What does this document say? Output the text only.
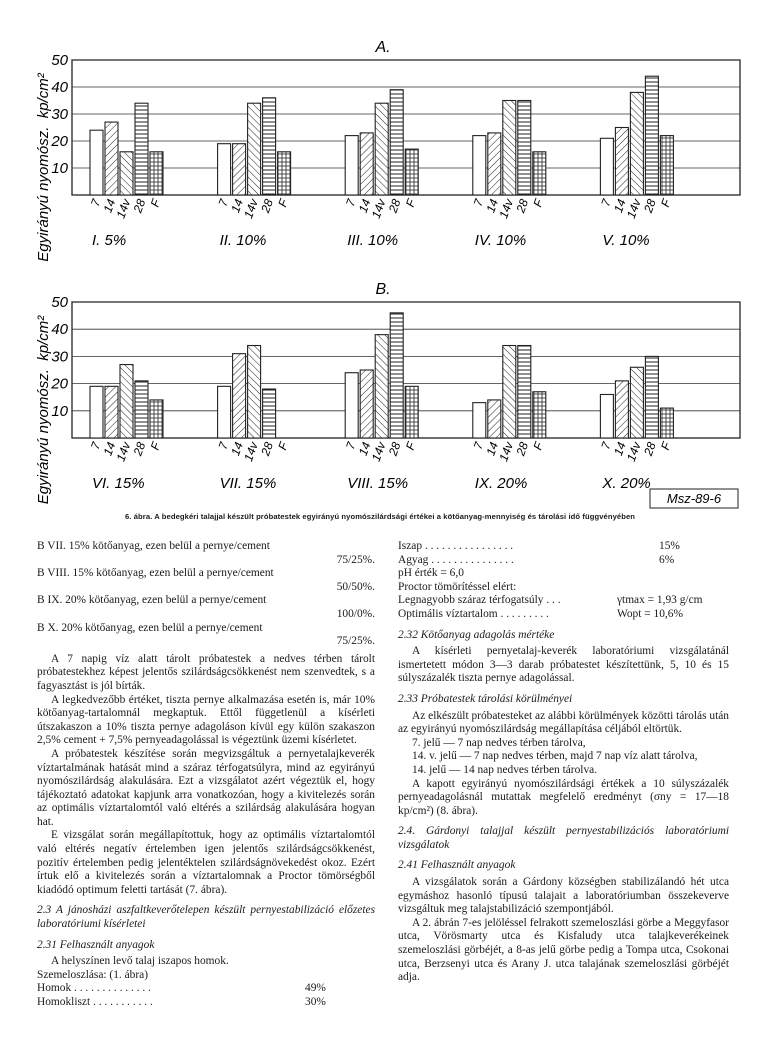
10
20
30
40
50
A.
Egyirányú nyomósz.  kp/cm²	7
14
14v
28 F
I. 5%
7
14
14v
28 F
II. 10%
7
14
14v
28 F
III. 10%
7
14
14v
28 F
IV. 10%
7
14
14v
28 F
V. 10%
10
20
30
40
50
B.
Egyirányú nyomósz.  kp/cm²	7
14
14v
28 F
VI. 15%
7
14
14v
28 F
VII. 15%
7
14
14v
28 F
VIII. 15%
7
14
14v
28 F
IX. 20%
7
14
14v
28 F
X. 20%
Msz-89-6
6. ábra. A bedegkéri talajjal készült próbatestek egyirányú nyomószilárdsági értékei a kötőanyag-mennyiség és tárolási idő függvényében

B VII. 15% kötőanyag, ezen belül a pernye/cement

75/25%.

B VIII. 15% kötőanyag, ezen belül a pernye/cement

50/50%.

B IX. 20% kötőanyag, ezen belül a pernye/cement

100/0%.

B X. 20% kötőanyag, ezen belül a pernye/cement

75/25%.

A 7 napig víz alatt tárolt próbatestek a nedves térben tárolt próbatestekhez képest jelentős szilárdságcsökkenést nem szenvedtek, s a fagyasztást is jól bírták.

A legkedvezőbb értéket, tiszta pernye alkalmazása esetén is, már 10% kötőanyag-tartalomnál megkaptuk. Ettől függetlenül a kísérleti útszakaszon a 10% tiszta pernye adagoláson kívül egy külön szakaszon 2,5% cement + 7,5% pernyeadagolással is végeztünk üzemi kísérletet.

A próbatestek készítése során megvizsgáltuk a pernyetalajkeverék víztartalmának hatását mind a száraz térfogatsúlyra, mind az egyirányú nyomószilárdság alakulására. Ezt a vizsgálatot azért végeztük el, hogy tájékoztató adatokat kapjunk arra vonatkozóan, hogy a kivitelezés során az optimális víztartalomtól való eltérés a szilárdság alakulására hogyan hat.

E vizsgálat során megállapítottuk, hogy az optimális víztartalomtól való eltérés negatív értelemben igen jelentős szilárdságcsökkenést, pozitív értelemben pedig jelentéktelen szilárdságnövekedést okoz. Ezért írtuk elő a kivitelezés során a víztartalomnak a Proctor tömörségből kiadódó optimum feletti tartását (7. ábra).

2.3 A jánosházi aszfaltkeverőtelepen készült pernyestabilizáció előzetes laboratóriumi kísérletei

2.31 Felhasznált anyagok

A helyszínen levő talaj iszapos homok.

Szemeloszlása: (1. ábra)

Homok . . . . . . . . . . . . . .	49%
Homokliszt . . . . . . . . . . .	30%
Iszap . . . . . . . . . . . . . . . .	15%
Agyag . . . . . . . . . . . . . . .	6%

pH érték = 6,0

Proctor tömörítéssel elért:

Legnagyobb száraz térfogatsúly . . .	γtmax = 1,93 g/cm
Optimális víztartalom . . . . . . . . .	Wopt = 10,6%

2.32 Kötőanyag adagolás mértéke

A kísérleti pernyetalaj-keverék laboratóriumi vizsgálatánál ismertetett módon 3—3 darab próbatestet készítettünk, 5, 10 és 15 súlyszázalék tiszta pernye adagolással.

2.33 Próbatestek tárolási körülményei

Az elkészült próbatesteket az alábbi körülmények közötti tárolás után az egyirányú nyomószilárdság megállapítása céljából eltörtük.

7. jelű — 7 nap nedves térben tárolva,

14. v. jelű — 7 nap nedves térben, majd 7 nap víz alatt tárolva,

14. jelű — 14 nap nedves térben tárolva.

A kapott egyirányú nyomószilárdsági értékek a 10 súlyszázalék pernyeadagolásnál mutattak megfelelő eredményt (σny = 17—18 kp/cm²) (8. ábra).

2.4. Gárdonyi talajjal készült pernyestabilizációs laboratóriumi vizsgálatok

2.41 Felhasznált anyagok

A vizsgálatok során a Gárdony községben stabilizálandó hét utca egymáshoz hasonló típusú talajait a laboratóriumban összekeverve vizsgáltuk meg talajstabilizáció szempontjából.

A 2. ábrán 7-es jelöléssel felrakott szemeloszlási görbe a Meggyfasor utca, Vörösmarty utca és Kisfaludy utca talajkeverékeinek szemeloszlási görbéjét, a 8-as jelű görbe pedig a Tompa utca, Csokonai utca, Berzsenyi utca és Arany J. utca talajának szemeloszlási görbéjét adja.
